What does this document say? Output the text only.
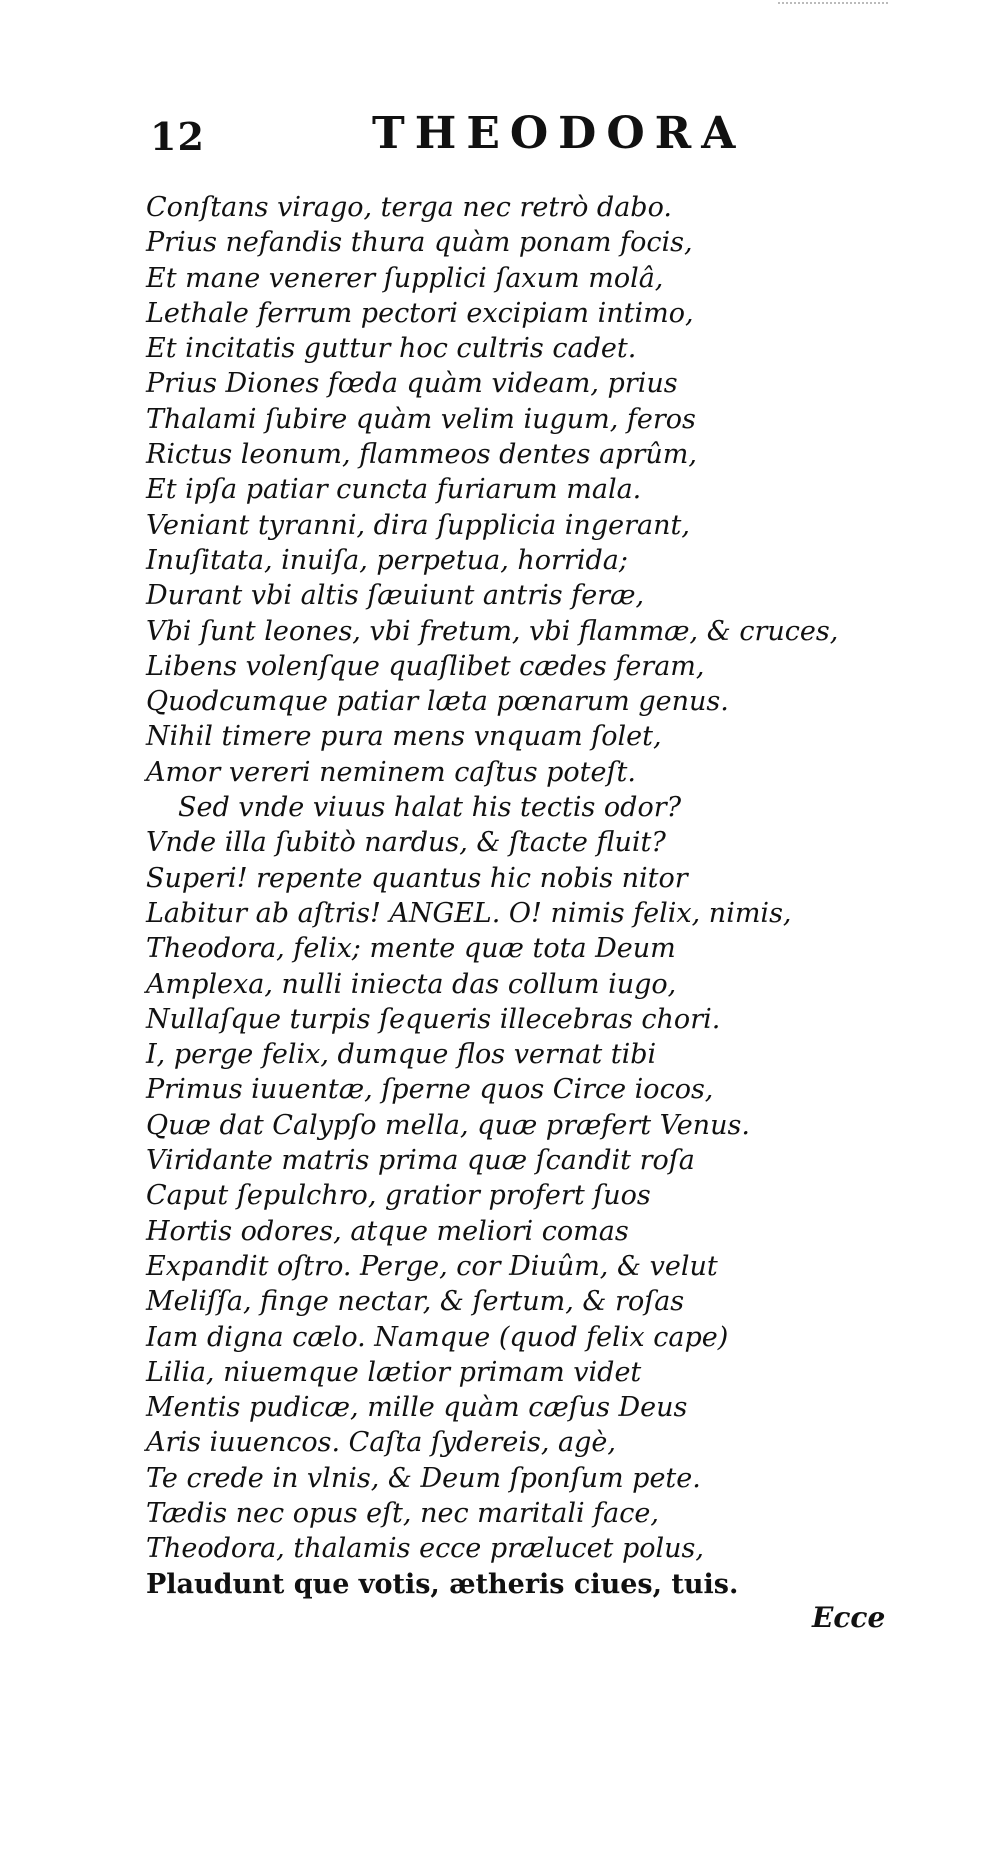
12	THEODORA
Conſtans virago, terga nec retrò dabo.
Prius nefandis thura quàm ponam focis,
Et mane venerer ſupplici ſaxum molâ,
Lethale ferrum pectori excipiam intimo,
Et incitatis guttur hoc cultris cadet.
Prius Diones fœda quàm videam, prius
Thalami ſubire quàm velim iugum, feros
Rictus leonum, flammeos dentes aprûm,
Et ipſa patiar cuncta furiarum mala.
Veniant tyranni, dira ſupplicia ingerant,
Inuſitata, inuiſa, perpetua, horrida;
Durant vbi altis ſæuiunt antris feræ,
Vbi ſunt leones, vbi fretum, vbi flammæ, & cruces,
Libens volenſque quaſlibet cædes feram,
Quodcumque patiar læta pœnarum genus.
Nihil timere pura mens vnquam ſolet,
Amor vereri neminem caſtus poteſt.
Sed vnde viuus halat his tectis odor?
Vnde illa ſubitò nardus, & ſtacte fluit?
Superi! repente quantus hic nobis nitor
Labitur ab aſtris! ANGEL. O! nimis felix, nimis,
Theodora, felix; mente quæ tota Deum
Amplexa, nulli iniecta das collum iugo,
Nullaſque turpis ſequeris illecebras chori.
I, perge felix, dumque flos vernat tibi
Primus iuuentæ, ſperne quos Circe iocos,
Quæ dat Calypſo mella, quæ præfert Venus.
Viridante matris prima quæ ſcandit roſa
Caput ſepulchro, gratior profert ſuos
Hortis odores, atque meliori comas
Expandit oſtro. Perge, cor Diuûm, & velut
Meliſſa, finge nectar, & ſertum, & roſas
Iam digna cælo. Namque (quod felix cape)
Lilia, niuemque lætior primam videt
Mentis pudicæ, mille quàm cæſus Deus
Aris iuuencos. Caſta ſydereis, agè,
Te crede in vlnis, & Deum ſponſum pete.
Tædis nec opus eſt, nec maritali face,
Theodora, thalamis ecce prælucet polus,
Plaudunt que votis, ætheris ciues, tuis.
Ecce
